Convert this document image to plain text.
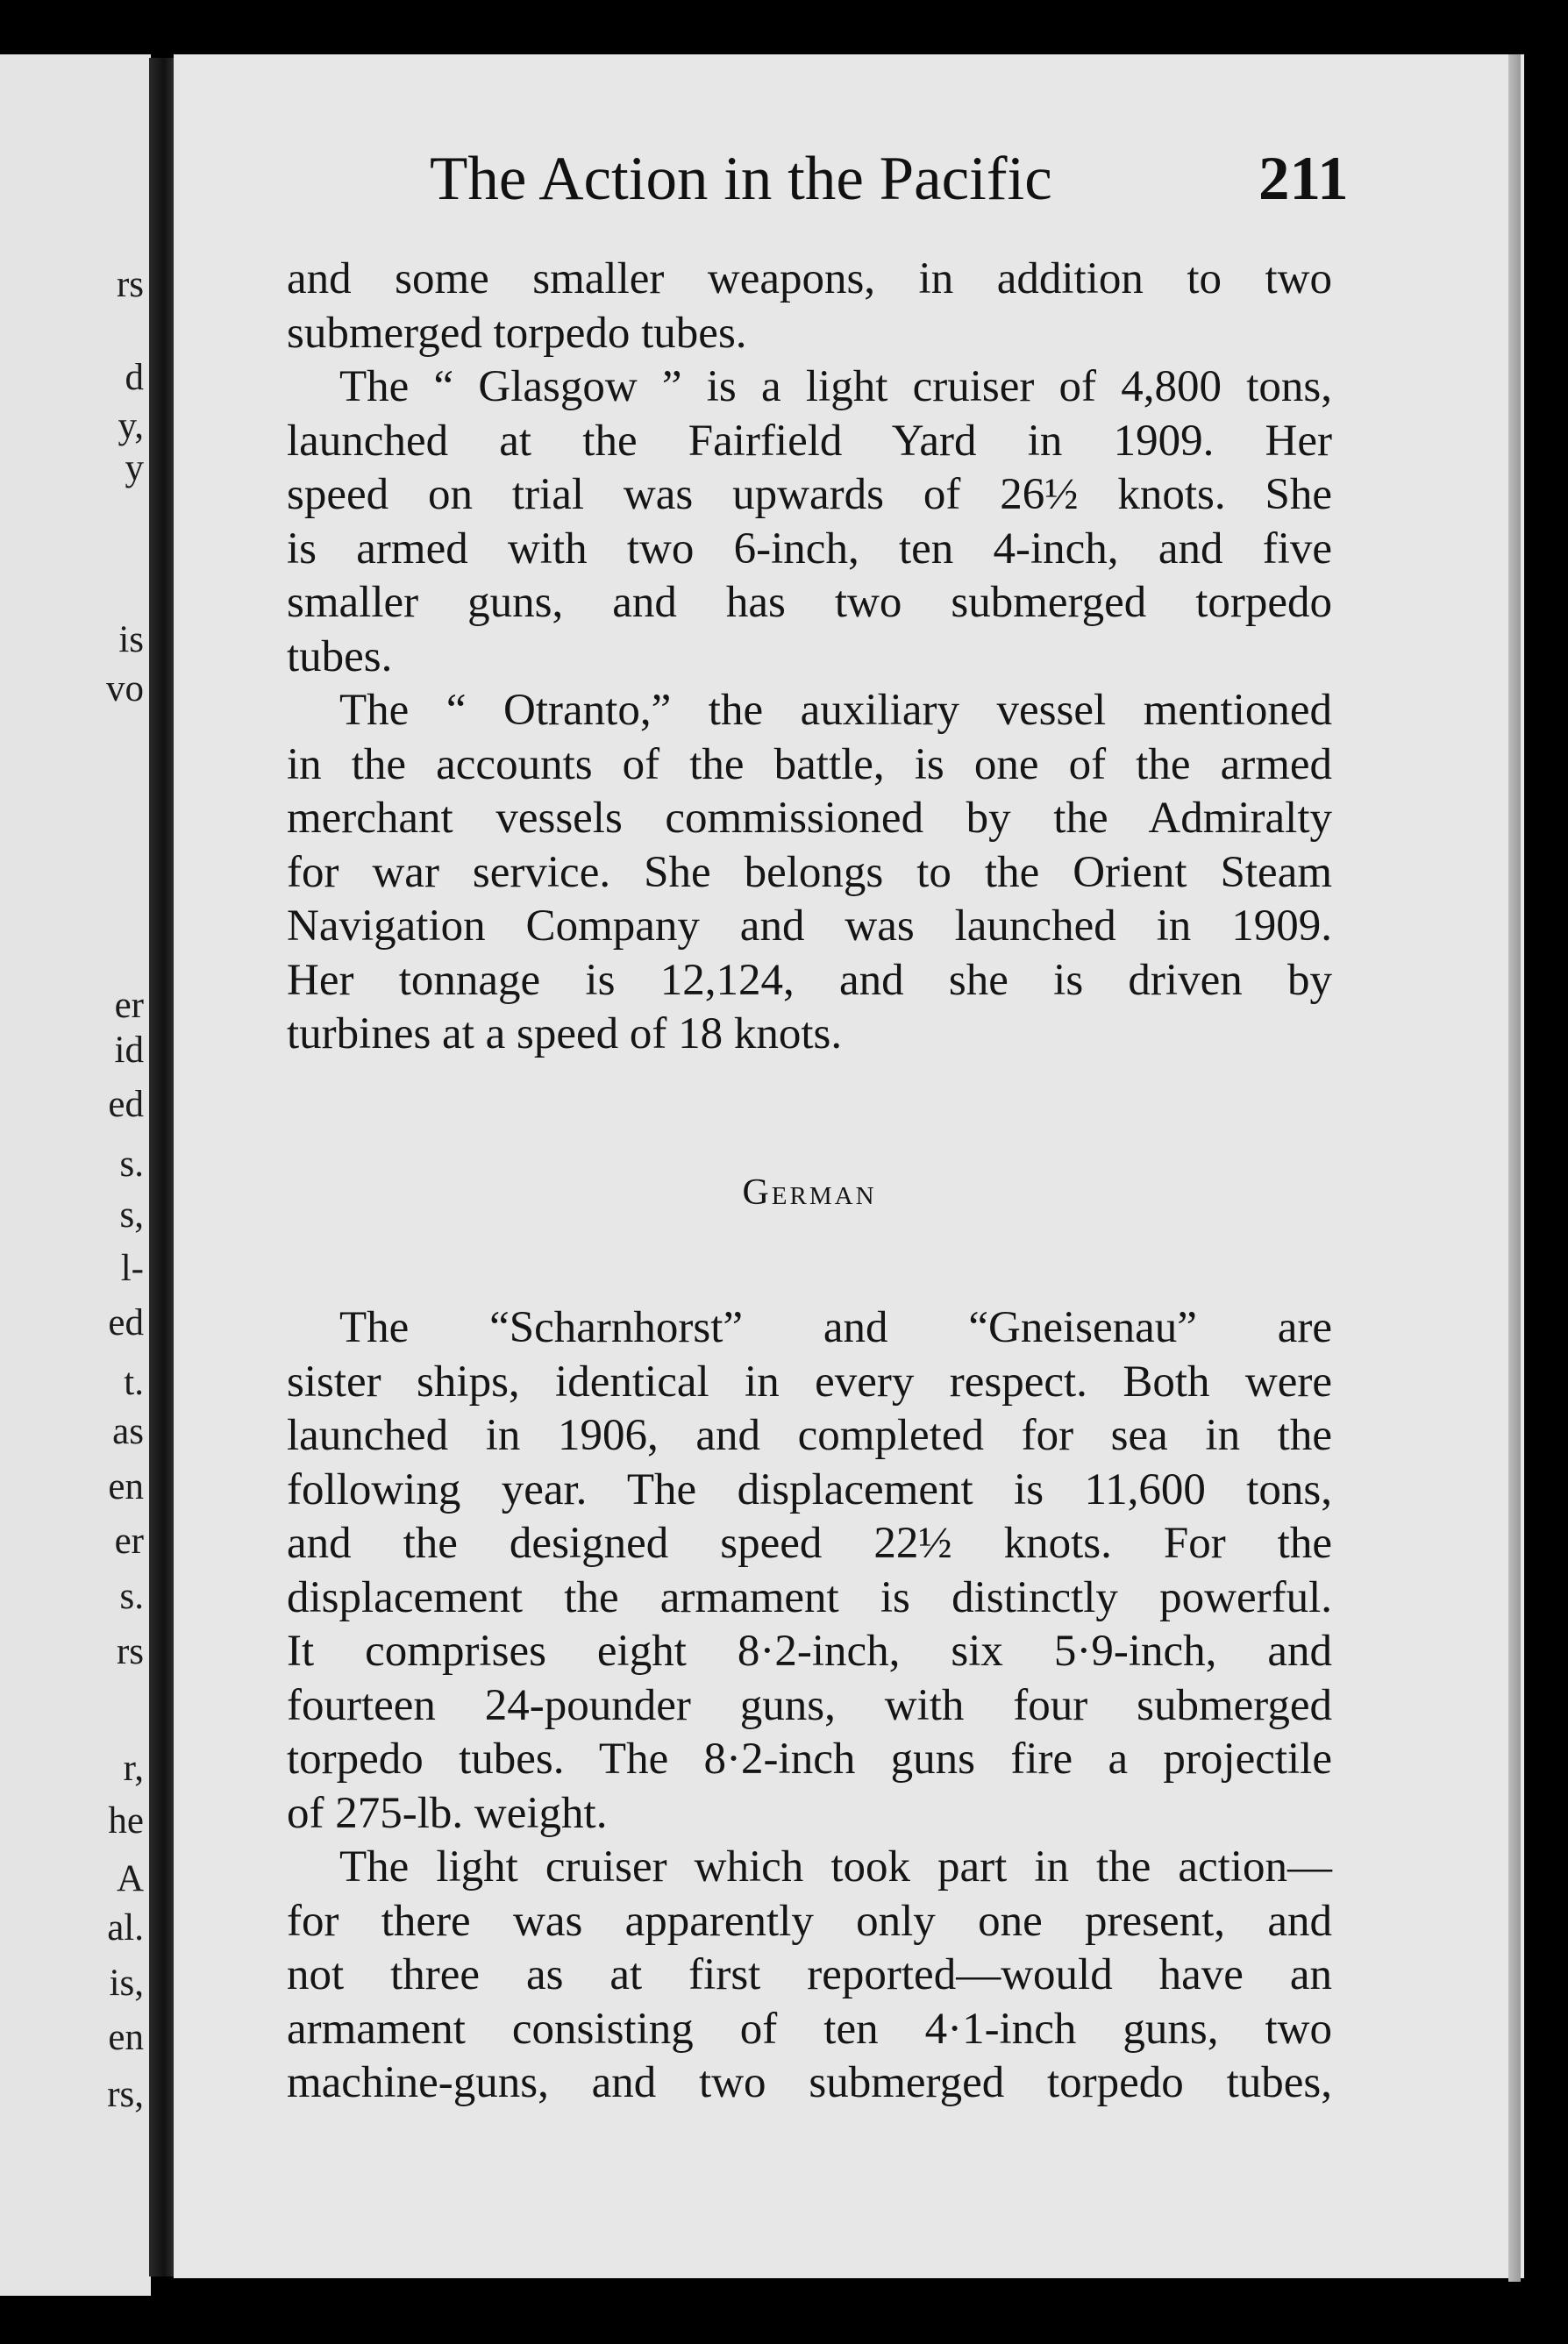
rs
d
y,
y
is
vo
er
id
ed
s.
s,
l-
ed
t.
as
en
er
s.
rs
r,
he
A
al.
is,
en
rs,
The Action in the Pacific	211
and some smaller weapons, in addition to two
submerged torpedo tubes.
The “ Glasgow ” is a light cruiser of 4,800 tons,
launched at the Fairfield Yard in 1909. Her
speed on trial was upwards of 26½ knots. She
is armed with two 6-inch, ten 4-inch, and five
smaller guns, and has two submerged torpedo
tubes.
The “ Otranto,” the auxiliary vessel mentioned
in the accounts of the battle, is one of the armed
merchant vessels commissioned by the Admiralty
for war service. She belongs to the Orient Steam
Navigation Company and was launched in 1909.
Her tonnage is 12,124, and she is driven by
turbines at a speed of 18 knots.
German
The “Scharnhorst” and “Gneisenau” are
sister ships, identical in every respect. Both were
launched in 1906, and completed for sea in the
following year. The displacement is 11,600 tons,
and the designed speed 22½ knots. For the
displacement the armament is distinctly powerful.
It comprises eight 8·2-inch, six 5·9-inch, and
fourteen 24-pounder guns, with four submerged
torpedo tubes. The 8·2-inch guns fire a projectile
of 275-lb. weight.
The light cruiser which took part in the action—
for there was apparently only one present, and
not three as at first reported—would have an
armament consisting of ten 4·1-inch guns, two
machine-guns, and two submerged torpedo tubes,
